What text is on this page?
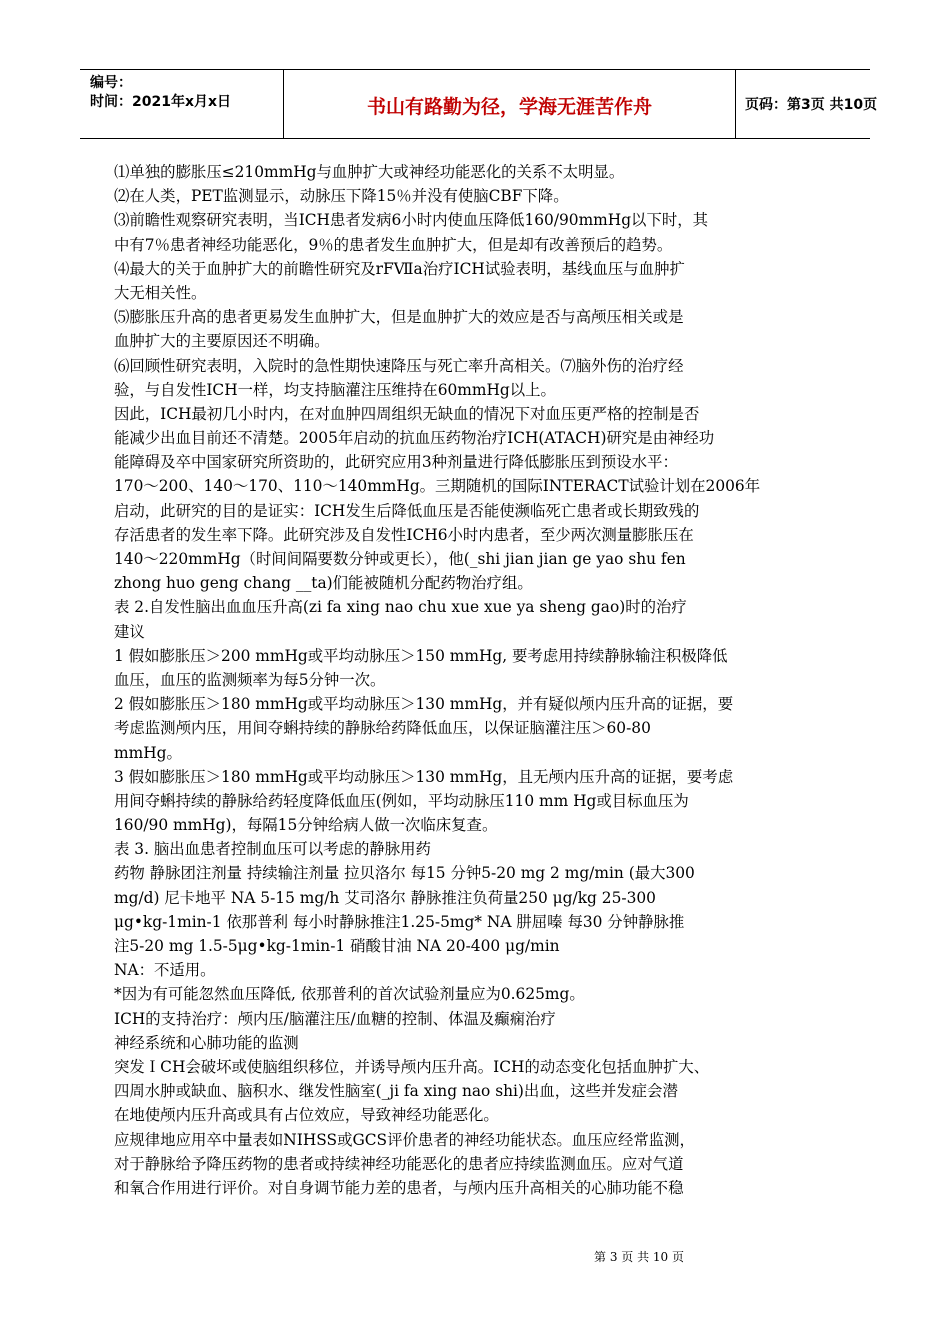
编号：
时间：2021年x月x日	书山有路勤为径，学海无涯苦作舟	页码：第3页 共10页
⑴单独的膨胀压≤210mmHg与血肿扩大或神经功能恶化的关系不太明显。
⑵在人类，PET监测显示，动脉压下降15％并没有使脑CBF下降。
⑶前瞻性观察研究表明，当ICH患者发病6小时内使血压降低160/90mmHg以下时，其
中有7％患者神经功能恶化，9％的患者发生血肿扩大，但是却有改善预后的趋势。
⑷最大的关于血肿扩大的前瞻性研究及rFⅦa治疗ICH试验表明，基线血压与血肿扩
大无相关性。
⑸膨胀压升高的患者更易发生血肿扩大，但是血肿扩大的效应是否与高颅压相关或是
血肿扩大的主要原因还不明确。
⑹回顾性研究表明，入院时的急性期快速降压与死亡率升高相关。⑺脑外伤的治疗经
验，与自发性ICH一样，均支持脑灌注压维持在60mmHg以上。
因此，ICH最初几小时内，在对血肿四周组织无缺血的情况下对血压更严格的控制是否
能减少出血目前还不清楚。2005年启动的抗血压药物治疗ICH(ATACH)研究是由神经功
能障碍及卒中国家研究所资助的，此研究应用3种剂量进行降低膨胀压到预设水平：
170～200、140～170、110～140mmHg。三期随机的国际INTERACT试验计划在2006年
启动，此研究的目的是证实：ICH发生后降低血压是否能使濒临死亡患者或长期致残的
存活患者的发生率下降。此研究涉及自发性ICH6小时内患者，至少两次测量膨胀压在
140～220mmHg（时间间隔要数分钟或更长），他(_shi jian jian ge yao shu fen
zhong huo geng chang __ta)们能被随机分配药物治疗组。
表 2.自发性脑出血血压升高(zi fa xing nao chu xue xue ya sheng gao)时的治疗
建议
1 假如膨胀压＞200 mmHg或平均动脉压＞150 mmHg, 要考虑用持续静脉输注积极降低
血压，血压的监测频率为每5分钟一次。
2 假如膨胀压＞180 mmHg或平均动脉压＞130 mmHg，并有疑似颅内压升高的证据，要
考虑监测颅内压，用间夺蝌持续的静脉给药降低血压，以保证脑灌注压＞60-80
mmHg。
3 假如膨胀压＞180 mmHg或平均动脉压＞130 mmHg，且无颅内压升高的证据，要考虑
用间夺蝌持续的静脉给药轻度降低血压(例如，平均动脉压110 mm Hg或目标血压为
160/90 mmHg)，每隔15分钟给病人做一次临床复查。
表 3. 脑出血患者控制血压可以考虑的静脉用药
药物 静脉团注剂量 持续输注剂量 拉贝洛尔 每15 分钟5-20 mg 2 mg/min (最大300
mg/d) 尼卡地平 NA 5-15 mg/h 艾司洛尔 静脉推注负荷量250 μg/kg 25-300
μg•kg-1min-1 依那普利 每小时静脉推注1.25-5mg* NA 肼屈嗪 每30 分钟静脉推
注5-20 mg 1.5-5μg•kg-1min-1 硝酸甘油 NA 20-400 μg/min
NA：不适用。
*因为有可能忽然血压降低, 依那普利的首次试验剂量应为0.625mg。
ICH的支持治疗：颅内压/脑灌注压/血糖的控制、体温及癫痫治疗
神经系统和心肺功能的监测
突发ＩCH会破坏或使脑组织移位，并诱导颅内压升高。ICH的动态变化包括血肿扩大、
四周水肿或缺血、脑积水、继发性脑室(_ji fa xing nao shi)出血，这些并发症会潜
在地使颅内压升高或具有占位效应，导致神经功能恶化。
应规律地应用卒中量表如NIHSS或GCS评价患者的神经功能状态。血压应经常监测，
对于静脉给予降压药物的患者或持续神经功能恶化的患者应持续监测血压。应对气道
和氧合作用进行评价。对自身调节能力差的患者，与颅内压升高相关的心肺功能不稳
第 3 页 共 10 页
